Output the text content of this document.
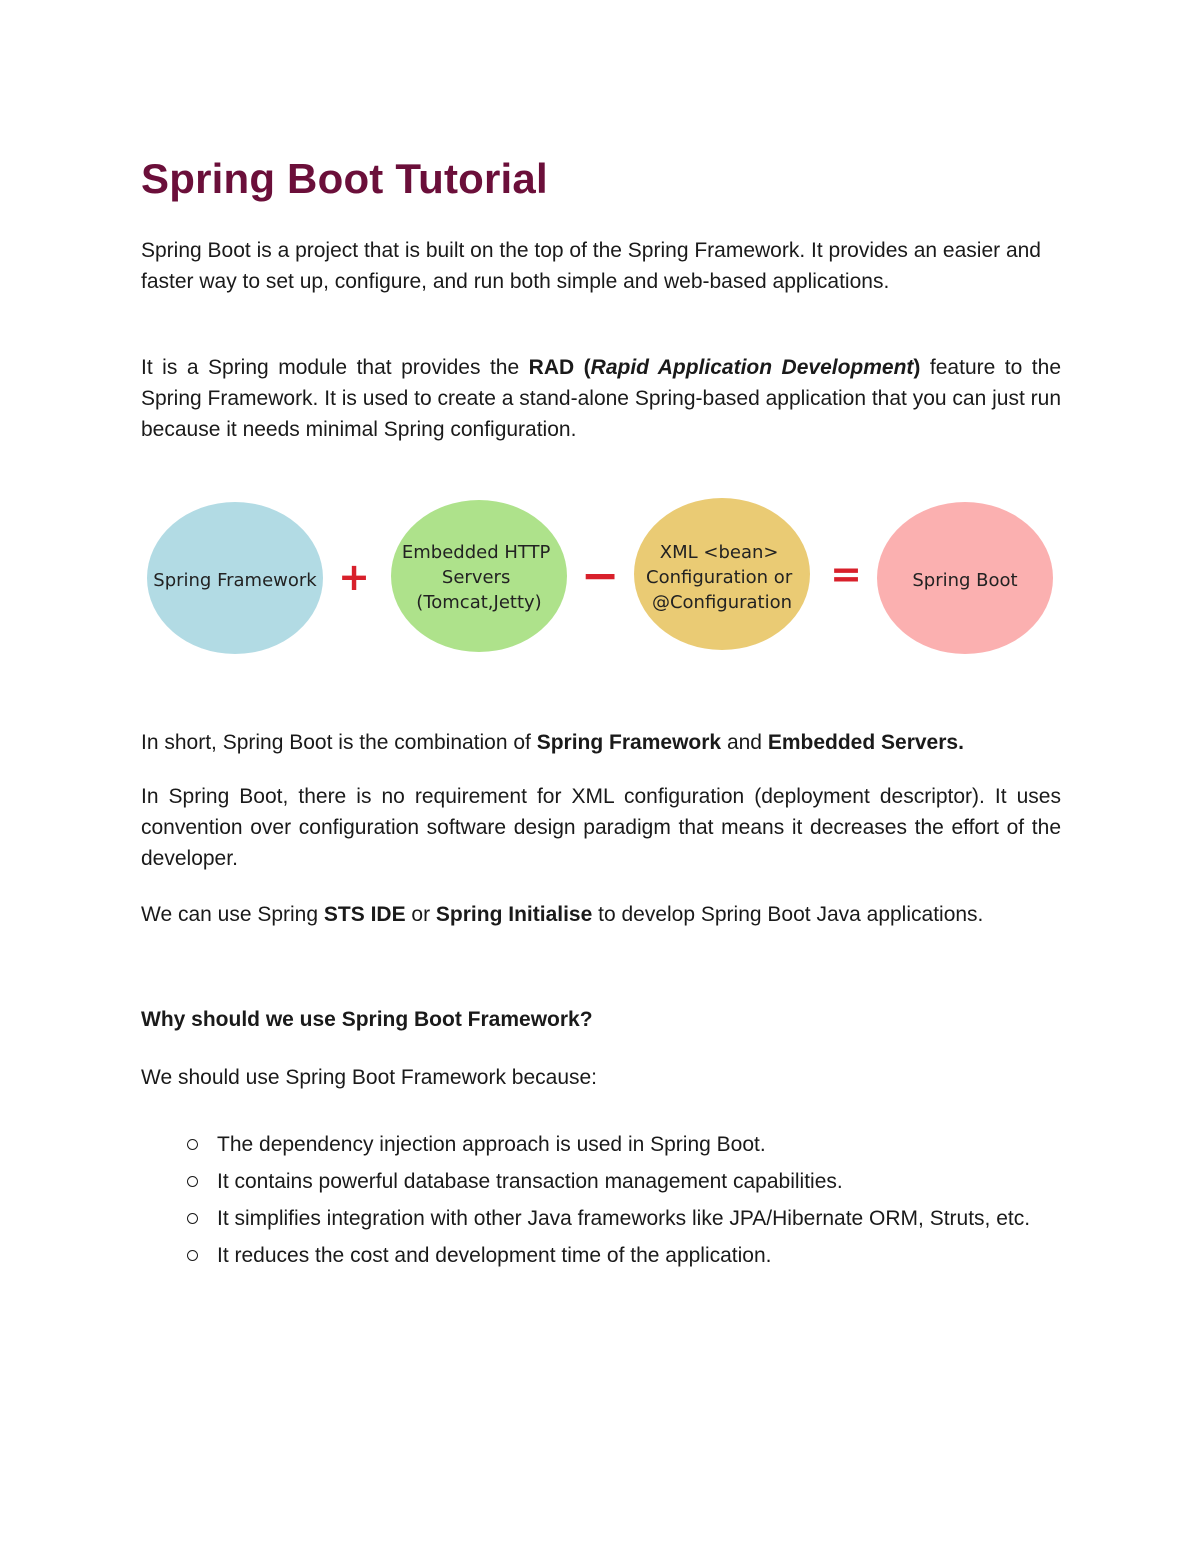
Spring Boot Tutorial

Spring Boot is a project that is built on the top of the Spring Framework. It provides an easier and faster way to set up, configure, and run both simple and web-based applications.

It is a Spring module that provides the RAD (Rapid Application Development) feature to the Spring Framework. It is used to create a stand-alone Spring-based application that you can just run because it needs minimal Spring configuration.

In short, Spring Boot is the combination of Spring Framework and Embedded Servers.

In Spring Boot, there is no requirement for XML configuration (deployment descriptor). It uses convention over configuration software design paradigm that means it decreases the effort of the developer.

We can use Spring STS IDE or Spring Initialise to develop Spring Boot Java applications.

Why should we use Spring Boot Framework?

We should use Spring Boot Framework because:

The dependency injection approach is used in Spring Boot.
It contains powerful database transaction management capabilities.
It simplifies integration with other Java frameworks like JPA/Hibernate ORM, Struts, etc.
It reduces the cost and development time of the application.
Spring Framework +
Embedded HTTP Servers (Tomcat,Jetty)
−	XML <bean> Configuration or @Configuration
=	Spring Boot
